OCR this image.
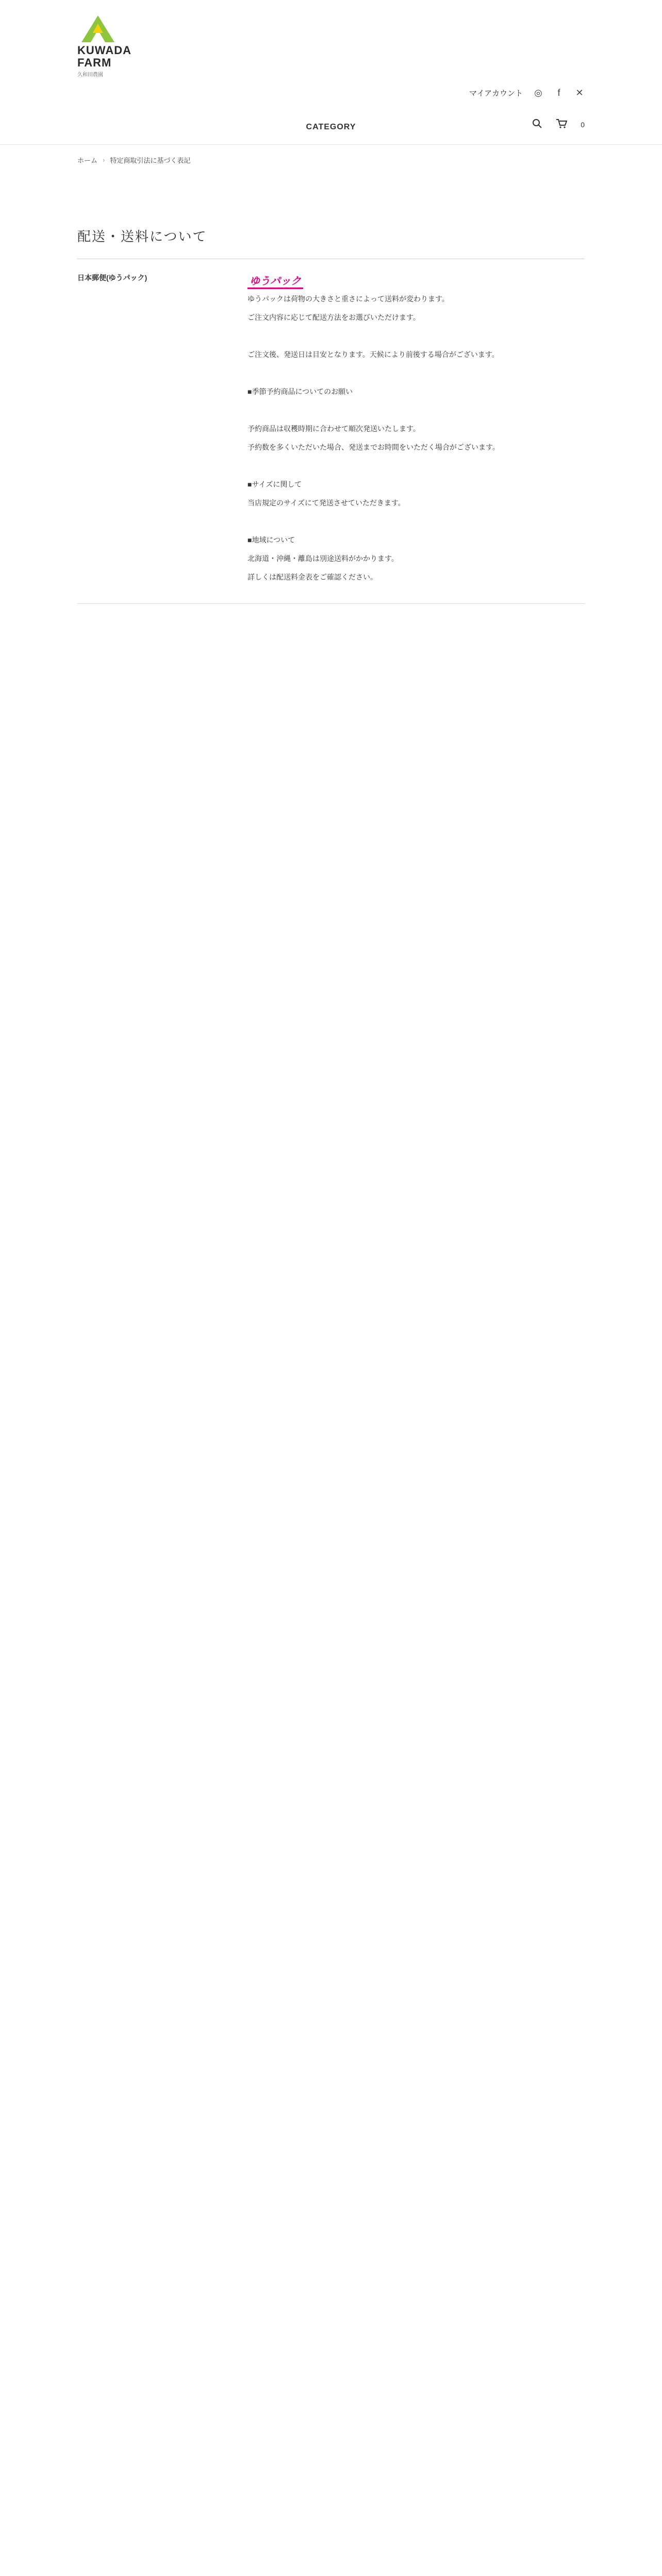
KUWADA FARM
久和田農園
マイアカウント ◎	f	✕
CATEGORY	0
ホーム › 特定商取引法に基づく表記
配送・送料について
日本郵便(ゆうパック)	ゆうパック

ゆうパックは荷物の大きさと重さによって送料が変わります。

ご注文内容に応じて配送方法をお選びいただけます。

ご注文後、発送日は目安となります。天候により前後する場合がございます。

■季節予約商品についてのお願い

予約商品は収穫時期に合わせて順次発送いたします。

予約数を多くいただいた場合、発送までお時間をいただく場合がございます。

■サイズに関して

当店規定のサイズにて発送させていただきます。

■地域について

北海道・沖縄・離島は別途送料がかかります。

詳しくは配送料金表をご確認ください。
